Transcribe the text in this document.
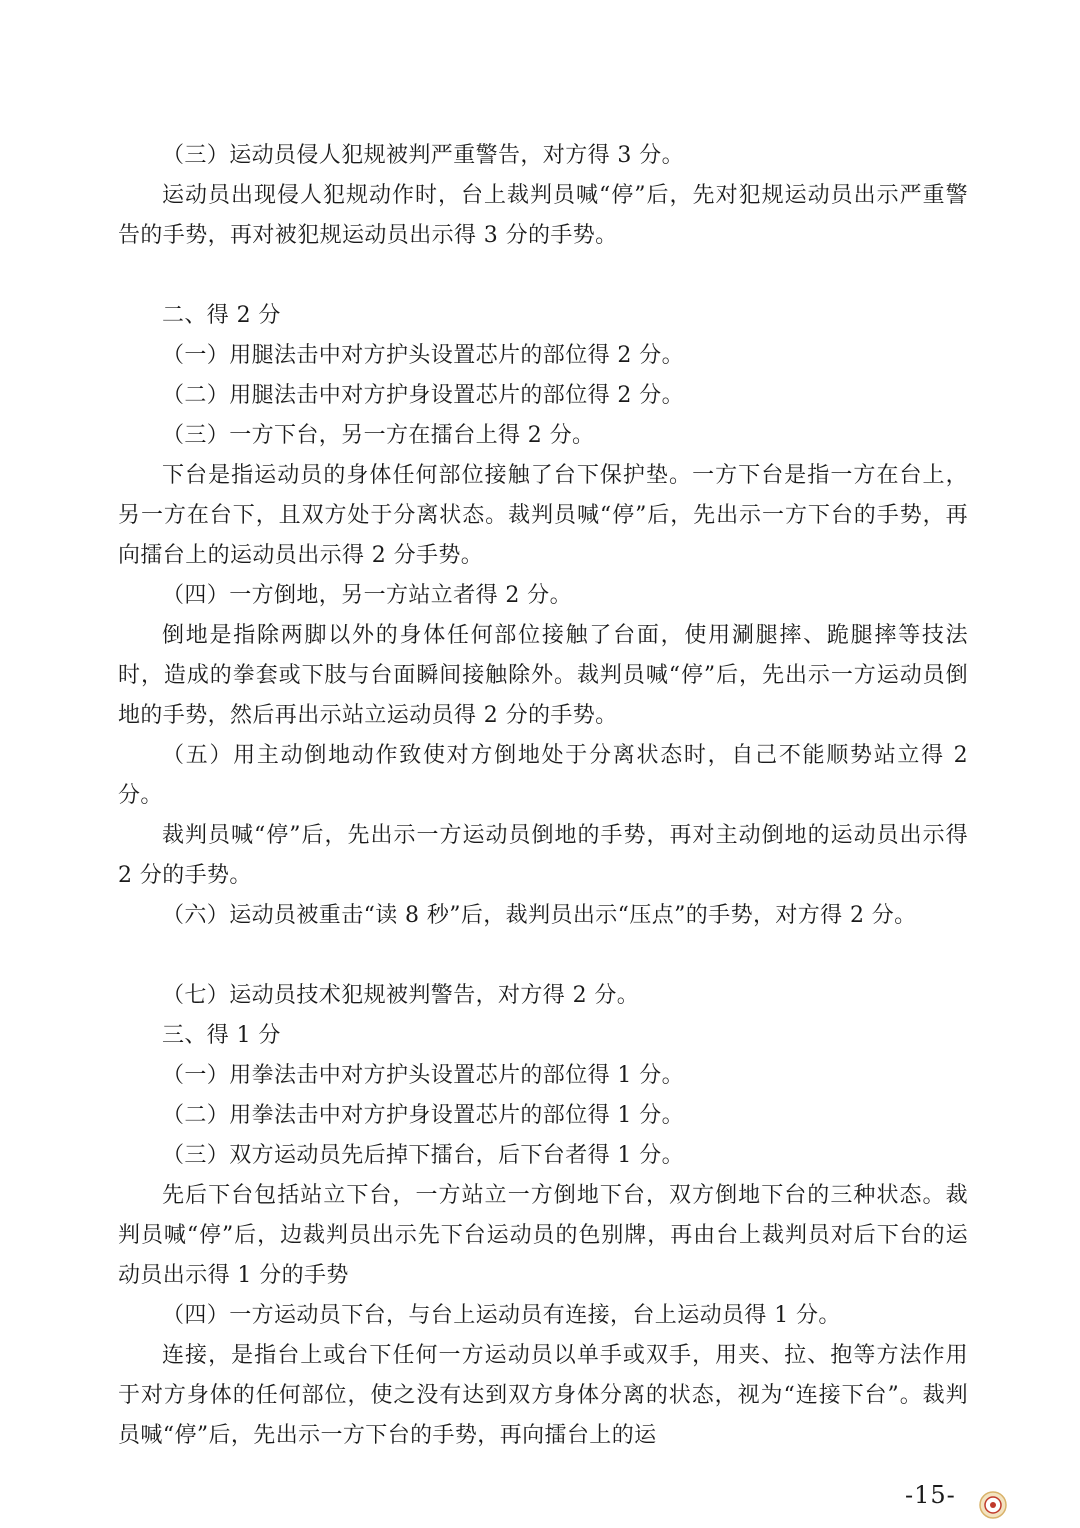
（三）运动员侵人犯规被判严重警告，对方得 3 分。

运动员出现侵人犯规动作时，台上裁判员喊“停”后，先对犯规运动员出示严重警告的手势，再对被犯规运动员出示得 3 分的手势。

二、得 2 分

（一）用腿法击中对方护头设置芯片的部位得 2 分。

（二）用腿法击中对方护身设置芯片的部位得 2 分。

（三）一方下台，另一方在擂台上得 2 分。

下台是指运动员的身体任何部位接触了台下保护垫。一方下台是指一方在台上，另一方在台下，且双方处于分离状态。裁判员喊“停”后，先出示一方下台的手势，再向擂台上的运动员出示得 2 分手势。

（四）一方倒地，另一方站立者得 2 分。

倒地是指除两脚以外的身体任何部位接触了台面，使用涮腿摔、跪腿摔等技法时，造成的拳套或下肢与台面瞬间接触除外。裁判员喊“停”后，先出示一方运动员倒地的手势，然后再出示站立运动员得 2 分的手势。

（五）用主动倒地动作致使对方倒地处于分离状态时，自己不能顺势站立得 2 分。

裁判员喊“停”后，先出示一方运动员倒地的手势，再对主动倒地的运动员出示得 2 分的手势。

（六）运动员被重击“读 8 秒”后，裁判员出示“压点”的手势，对方得 2 分。

（七）运动员技术犯规被判警告，对方得 2 分。

三、得 1 分

（一）用拳法击中对方护头设置芯片的部位得 1 分。

（二）用拳法击中对方护身设置芯片的部位得 1 分。

（三）双方运动员先后掉下擂台，后下台者得 1 分。

先后下台包括站立下台，一方站立一方倒地下台，双方倒地下台的三种状态。裁判员喊“停”后，边裁判员出示先下台运动员的色别牌，再由台上裁判员对后下台的运动员出示得 1 分的手势

（四）一方运动员下台，与台上运动员有连接，台上运动员得 1 分。

连接，是指台上或台下任何一方运动员以单手或双手，用夹、拉、抱等方法作用于对方身体的任何部位，使之没有达到双方身体分离的状态，视为“连接下台”。裁判员喊“停”后，先出示一方下台的手势，再向擂台上的运

-15-
